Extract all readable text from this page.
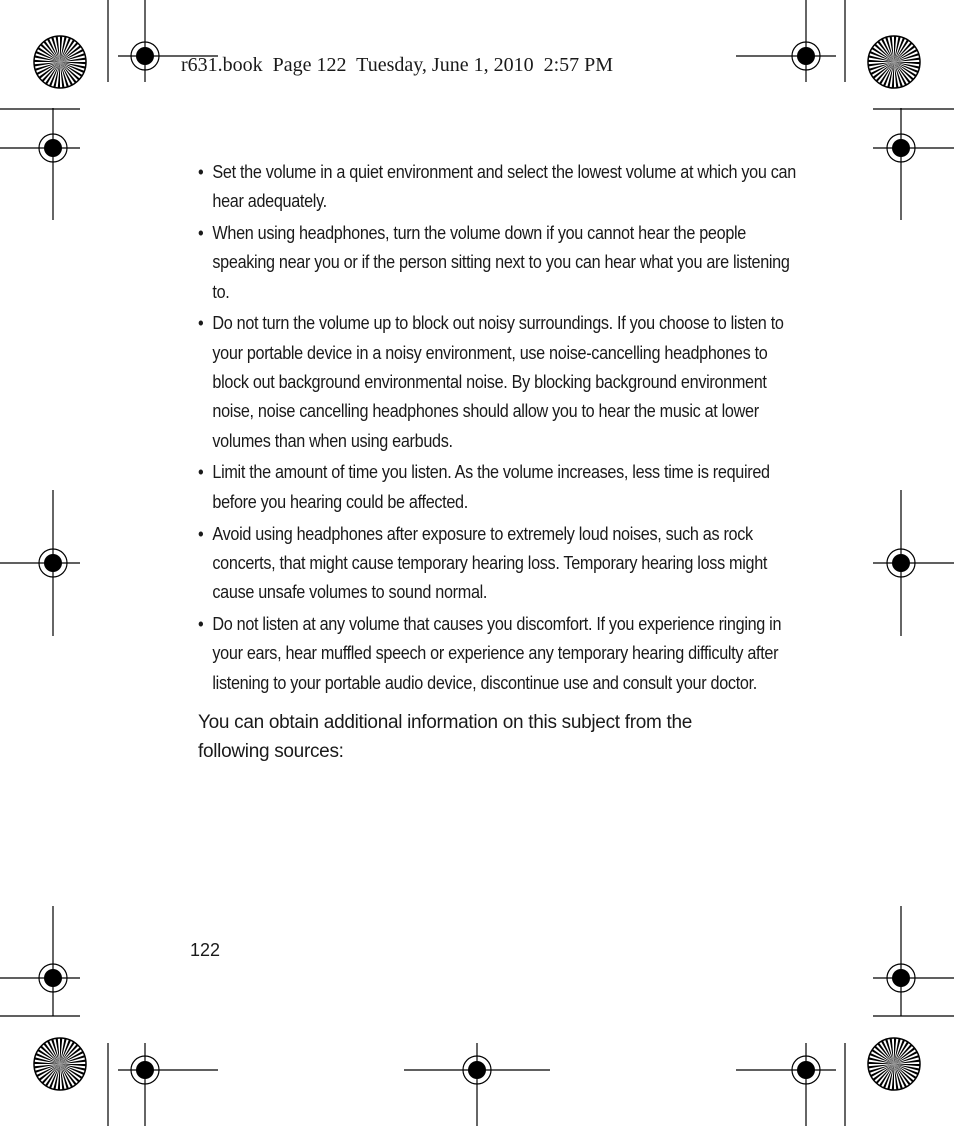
r631.book  Page 122  Tuesday, June 1, 2010  2:57 PM
• Set the volume in a quiet environment and select the lowest volume at which you can hear adequately.
• When using headphones, turn the volume down if you cannot hear the people speaking near you or if the person sitting next to you can hear what you are listening to.
• Do not turn the volume up to block out noisy surroundings. If you choose to listen to your portable device in a noisy environment, use noise-cancelling headphones to block out background environmental noise. By blocking background environment noise, noise cancelling headphones should allow you to hear the music at lower volumes than when using earbuds.
• Limit the amount of time you listen. As the volume increases, less time is required before you hearing could be affected.
• Avoid using headphones after exposure to extremely loud noises, such as rock concerts, that might cause temporary hearing loss. Temporary hearing loss might cause unsafe volumes to sound normal.
• Do not listen at any volume that causes you discomfort. If you experience ringing in your ears, hear muffled speech or experience any temporary hearing difficulty after listening to your portable audio device, discontinue use and consult your doctor.

You can obtain additional information on this subject from the following sources:

122
